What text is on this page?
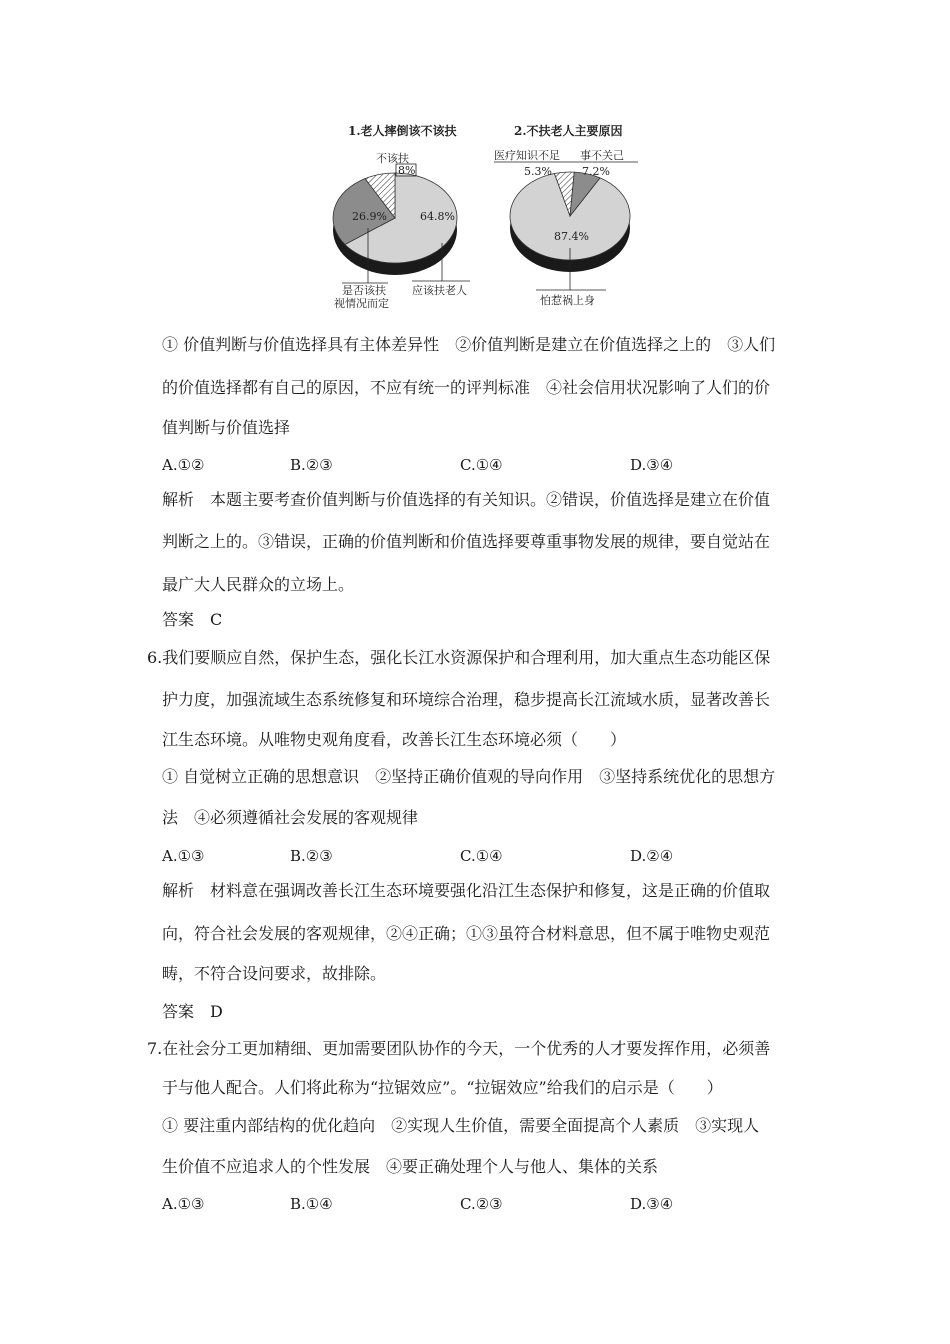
1.老人摔倒该不该扶
不该扶
8%
26.9%	64.8%
是否该扶
视情况而定
应该扶老人
2.不扶老人主要原因
医疗知识不足 事不关己
5.3%	7.2%
87.4%
怕惹祸上身
① 价值判断与价值选择具有主体差异性　②价值判断是建立在价值选择之上的　③人们
的价值选择都有自己的原因，不应有统一的评判标准　④社会信用状况影响了人们的价
值判断与价值选择
A.①②	B.②③	C.①④	D.③④
解析　本题主要考查价值判断与价值选择的有关知识。②错误，价值选择是建立在价值
判断之上的。③错误，正确的价值判断和价值选择要尊重事物发展的规律，要自觉站在
最广大人民群众的立场上。
答案　C
6.我们要顺应自然，保护生态，强化长江水资源保护和合理利用，加大重点生态功能区保
护力度，加强流域生态系统修复和环境综合治理，稳步提高长江流域水质，显著改善长
江生态环境。从唯物史观角度看，改善长江生态环境必须（　　）
① 自觉树立正确的思想意识　②坚持正确价值观的导向作用　③坚持系统优化的思想方
法　④必须遵循社会发展的客观规律
A.①③	B.②③	C.①④	D.②④
解析　材料意在强调改善长江生态环境要强化沿江生态保护和修复，这是正确的价值取
向，符合社会发展的客观规律，②④正确；①③虽符合材料意思，但不属于唯物史观范
畴，不符合设问要求，故排除。
答案　D
7.在社会分工更加精细、更加需要团队协作的今天，一个优秀的人才要发挥作用，必须善
于与他人配合。人们将此称为“拉锯效应”。“拉锯效应”给我们的启示是（　　）
① 要注重内部结构的优化趋向　②实现人生价值，需要全面提高个人素质　③实现人
生价值不应追求人的个性发展　④要正确处理个人与他人、集体的关系
A.①③	B.①④	C.②③	D.③④
